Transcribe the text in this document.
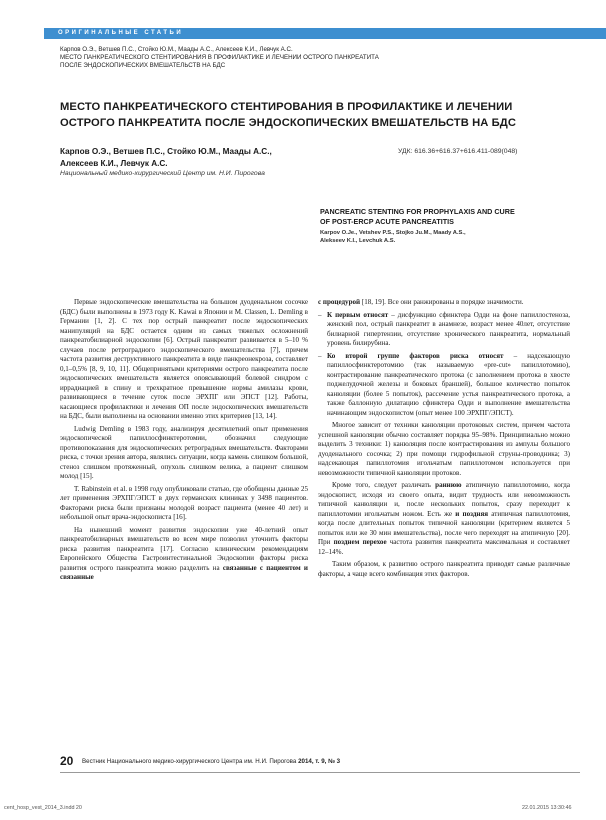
ОРИГИНАЛЬНЫЕ СТАТЬИ
Карпов О.Э., Ветшев П.С., Стойко Ю.М., Маады А.С., Алексеев К.И., Левчук А.С.
МЕСТО ПАНКРЕАТИЧЕСКОГО СТЕНТИРОВАНИЯ В ПРОФИЛАКТИКЕ И ЛЕЧЕНИИ ОСТРОГО ПАНКРЕАТИТА
ПОСЛЕ ЭНДОСКОПИЧЕСКИХ ВМЕШАТЕЛЬСТВ НА БДС
МЕСТО ПАНКРЕАТИЧЕСКОГО СТЕНТИРОВАНИЯ В ПРОФИЛАКТИКЕ И ЛЕЧЕНИИ ОСТРОГО ПАНКРЕАТИТА ПОСЛЕ ЭНДОСКОПИЧЕСКИХ ВМЕШАТЕЛЬСТВ НА БДС
Карпов О.Э., Ветшев П.С., Стойко Ю.М., Маады А.С.,
Алексеев К.И., Левчук А.С.
Национальный медико-хирургический Центр им. Н.И. Пирогова
УДК: 616.36+616.37+616.411-089(048)
PANCREATIC STENTING FOR PROPHYLAXIS AND CURE
OF POST-ERCP ACUTE PANCREATITIS
Karpov O.Je., Vetshev P.S., Stojko Ju.M., Maady A.S.,
Alekseev K.I., Levchuk A.S.

Первые эндоскопические вмешательства на большом дуоденальном сосочке (БДС) были выполнены в 1973 году K. Kawai в Японии и M. Classen, L. Demling в Германии [1, 2]. С тех пор острый панкреатит после эндоскопических манипуляций на БДС остается одним из самых тяжелых осложнений панкреатобилиарной эндоскопии [6]. Острый панкреатит развивается в 5–10 % случаев после ретроградного эндоскопического вмешательства [7], причем частота развития деструктивного панкреатита в виде панкреонекроза, составляет 0,1–0,5% [8, 9, 10, 11]. Общепринятыми критериями острого панкреатита после эндоскопических вмешательств является опоясывающий болевой синдром с иррадиацией в спину и трехкратное превышение нормы амилазы крови, развивающиеся в течение суток после ЭРХПГ или ЭПСТ [12]. Работы, касающиеся профилактики и лечения ОП после эндоскопических вмешательств на БДС, были выполнены на основании именно этих критериев [13, 14].

Ludwig Demling в 1983 году, анализируя десятилетний опыт применения эндоскопической папиллосфинктеротомии, обозначил следующие противопоказания для эндоскопических ретроградных вмешательств. Факторами риска, с точки зрения автора, являлись ситуации, когда камень слишком большой, стеноз слишком протяженный, опухоль слишком велика, а пациент слишком молод [15].

T. Rabinstein et al. в 1998 году опубликовали статью, где обобщены данные 25 лет применения ЭРХПГ/ЭПСТ в двух германских клиниках у 3498 пациентов. Факторами риска были признаны молодой возраст пациента (менее 40 лет) и небольшой опыт врача-эндоскописта [16].

На нынешний момент развития эндоскопии уже 40-летний опыт панкреатобилиарных вмешательств во всем мире позволил уточнить факторы риска развития панкреатита [17]. Согласно клиническим рекомендациям Европейского Общества Гастроинтестинальной Эндоскопии факторы риска развития острого панкреатита можно разделить на связанные с пациентом и связанные

с процедурой [18, 19]. Все они ранжированы в порядке значимости.

– К первым относят – дисфункцию сфинктера Одди на фоне папиллостеноза, женский пол, острый панкреатит в анамнезе, возраст менее 40лет, отсутствие билиарной гипертензии, отсутствие хронического панкреатита, нормальный уровень билирубина.
– Ко второй группе факторов риска относят – надсекающую папиллосфинктеротомию (так называемую «pre-cut» папиллотомию), контрастирование панкреатического протока (с заполнением протока в хвосте поджелудочной железы и боковых браншей), большое количество попыток канюляции (более 5 попыток), рассечение устья панкреатического протока, а также баллонную дилатацию сфинктера Одди и выполнение вмешательства начинающим эндоскопистом (опыт менее 100 ЭРХПГ/ЭПСТ).

Многое зависит от техники канюляции протоковых систем, причем частота успешной канюляции обычно составляет порядка 95–98%. Принципиально можно выделить 3 техники: 1) канюляция после контрастирования из ампулы большого дуоденального сосочка; 2) при помощи гидрофильной струны-проводника; 3) надсекающая папиллотомия игольчатым папиллотомом используется при невозможности типичной канюляции протоков.

Кроме того, следует различать раннюю атипичную папиллотомию, когда эндоскопист, исходя из своего опыта, видит трудность или невозможность типичной канюляции и, после нескольких попыток, сразу переходит к папиллотомии игольчатым ножом. Есть же и поздняя атипичная папиллотомия, когда после длительных попыток типичной канюляции (критерием является 5 попыток или же 30 мин вмешательства), после чего переходят на атипичную [20]. При позднем перехое частота развития панкреатита максимальная и составляет 12–14%.

Таким образом, к развитию острого панкреатита приводят самые различные факторы, а чаще всего комбинация этих факторов.

20 Вестник Национального медико-хирургического Центра им. Н.И. Пирогова 2014, т. 9, № 3
cent_hosp_vest_2014_3.indd 20	22.01.2015 13:30:46
